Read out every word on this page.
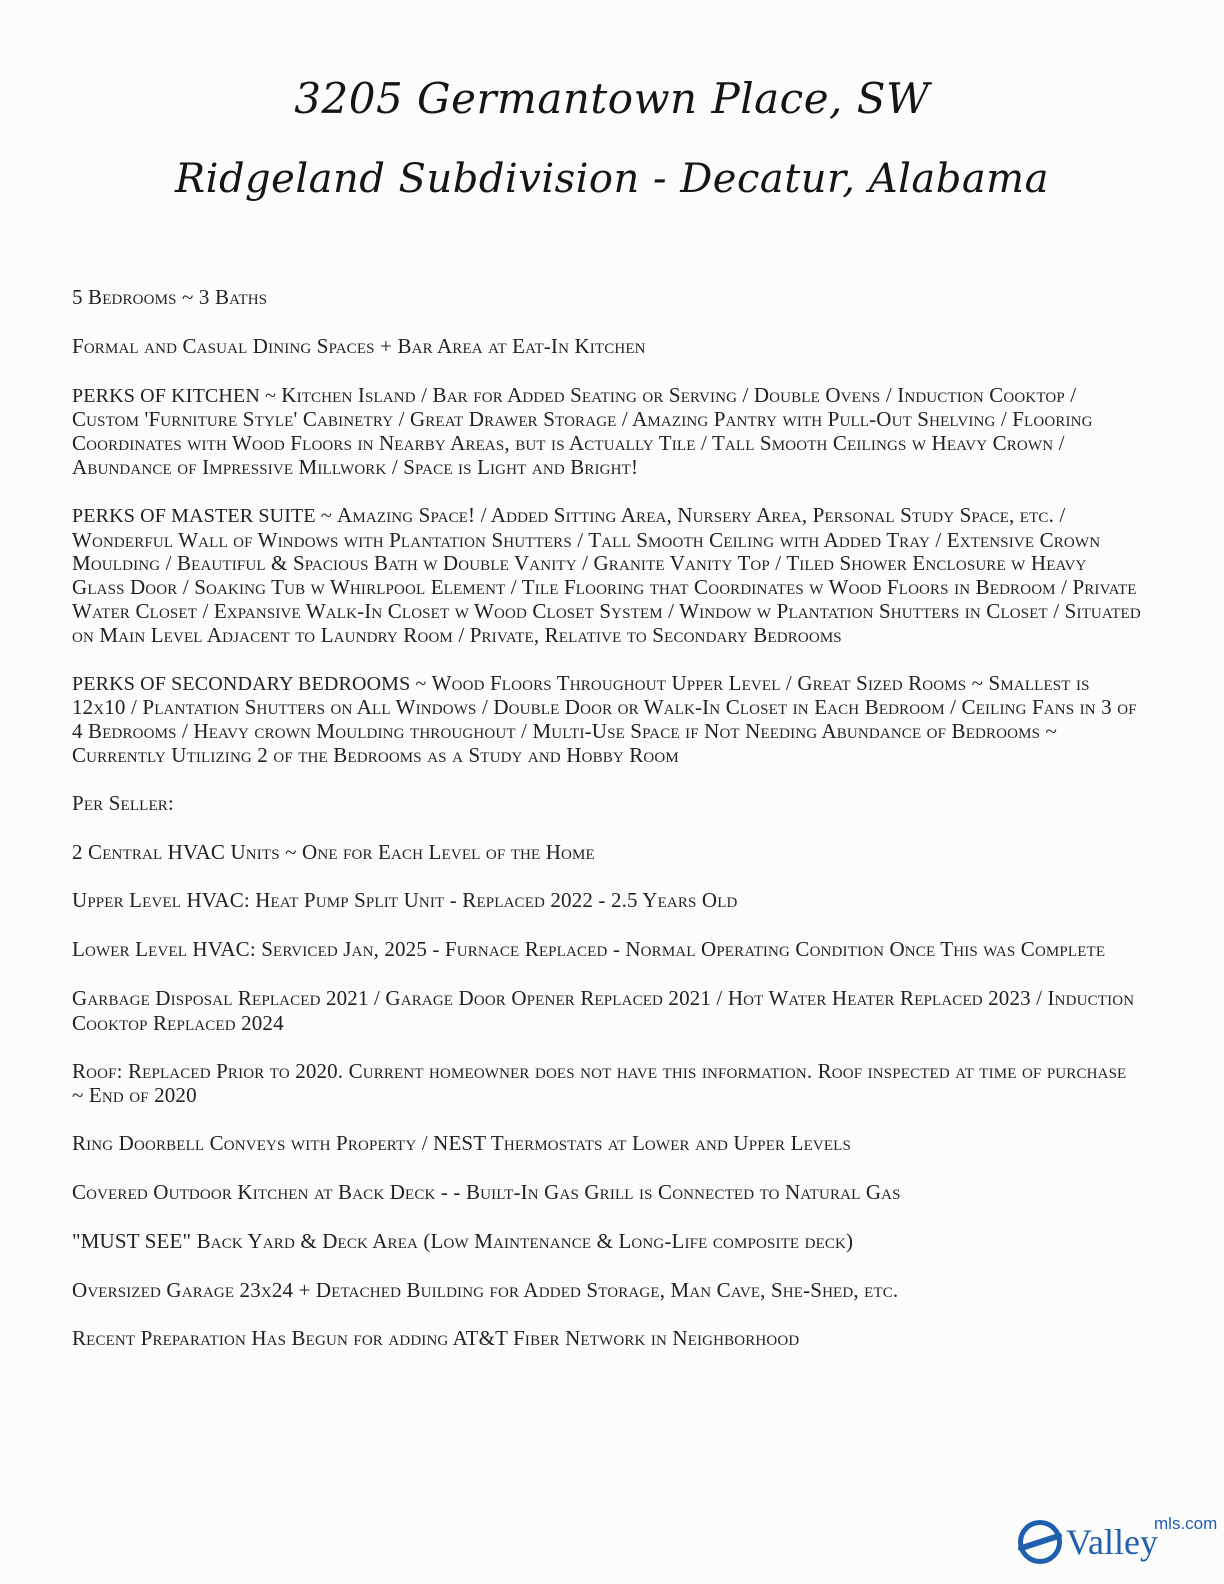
3205 Germantown Place, SW
Ridgeland Subdivision - Decatur, Alabama

5 Bedrooms ~ 3 Baths

Formal and Casual Dining Spaces + Bar Area at Eat-In Kitchen

PERKS OF KITCHEN ~ Kitchen Island / Bar for Added Seating or Serving / Double Ovens / Induction Cooktop / Custom 'Furniture Style' Cabinetry / Great Drawer Storage / Amazing Pantry with Pull-Out Shelving / Flooring Coordinates with Wood Floors in Nearby Areas, but is Actually Tile / Tall Smooth Ceilings w Heavy Crown / Abundance of Impressive Millwork / Space is Light and Bright!

PERKS OF MASTER SUITE ~ Amazing Space! / Added Sitting Area, Nursery Area, Personal Study Space, etc. / Wonderful Wall of Windows with Plantation Shutters / Tall Smooth Ceiling with Added Tray / Extensive Crown Moulding / Beautiful & Spacious Bath w Double Vanity / Granite Vanity Top / Tiled Shower Enclosure w Heavy Glass Door / Soaking Tub w Whirlpool Element / Tile Flooring that Coordinates w Wood Floors in Bedroom / Private Water Closet / Expansive Walk-In Closet w Wood Closet System / Window w Plantation Shutters in Closet / Situated on Main Level Adjacent to Laundry Room / Private, Relative to Secondary Bedrooms

PERKS OF SECONDARY BEDROOMS ~ Wood Floors Throughout Upper Level / Great Sized Rooms ~ Smallest is 12x10 / Plantation Shutters on All Windows / Double Door or Walk-In Closet in Each Bedroom / Ceiling Fans in 3 of 4 Bedrooms / Heavy crown Moulding throughout / Multi-Use Space if Not Needing Abundance of Bedrooms ~ Currently Utilizing 2 of the Bedrooms as a Study and Hobby Room

Per Seller:

2 Central HVAC Units ~ One for Each Level of the Home

Upper Level HVAC: Heat Pump Split Unit - Replaced 2022 - 2.5 Years Old

Lower Level HVAC: Serviced Jan, 2025 - Furnace Replaced - Normal Operating Condition Once This was Complete

Garbage Disposal Replaced 2021 / Garage Door Opener Replaced 2021 / Hot Water Heater Replaced 2023 / Induction Cooktop Replaced 2024

Roof: Replaced Prior to 2020. Current homeowner does not have this information. Roof inspected at time of purchase ~ End of 2020

Ring Doorbell Conveys with Property / NEST Thermostats at Lower and Upper Levels

Covered Outdoor Kitchen at Back Deck - - Built-In Gas Grill is Connected to Natural Gas

"MUST SEE" Back Yard & Deck Area (Low Maintenance & Long-Life composite deck)

Oversized Garage 23x24 + Detached Building for Added Storage, Man Cave, She-Shed, etc.

Recent Preparation Has Begun for adding AT&T Fiber Network in Neighborhood

Valley
mls.com
